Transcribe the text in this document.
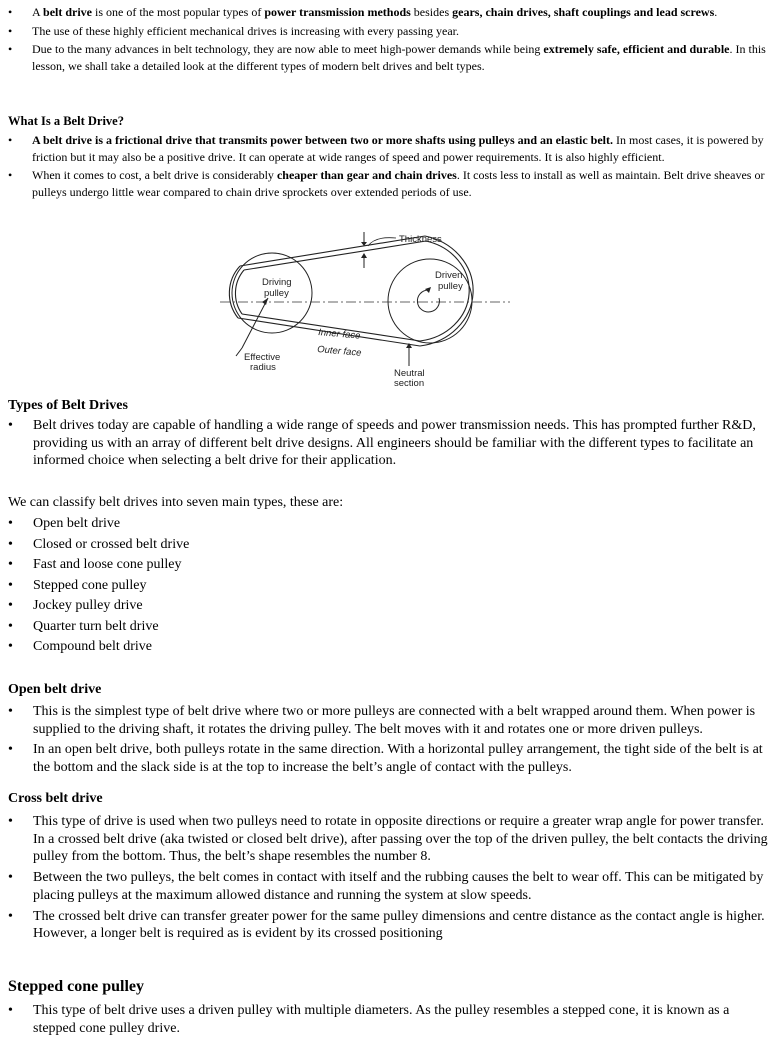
• A belt drive is one of the most popular types of power transmission methods besides gears, chain drives, shaft couplings and lead screws.
• The use of these highly efficient mechanical drives is increasing with every passing year.
• Due to the many advances in belt technology, they are now able to meet high-power demands while being extremely safe, efficient and durable. In this lesson, we shall take a detailed look at the different types of modern belt drives and belt types.
What Is a Belt Drive?
• A belt drive is a frictional drive that transmits power between two or more shafts using pulleys and an elastic belt. In most cases, it is powered by friction but it may also be a positive drive. It can operate at wide ranges of speed and power requirements. It is also highly efficient.
• When it comes to cost, a belt drive is considerably cheaper than gear and chain drives. It costs less to install as well as maintain. Belt drive sheaves or pulleys undergo little wear compared to chain drive sprockets over extended periods of use.
Thickness
Driving
pulley
Driven
pulley
Inner face
Outer face
Effective
radius
Neutral
section
Types of Belt Drives
• Belt drives today are capable of handling a wide range of speeds and power transmission needs. This has prompted further R&D, providing us with an array of different belt drive designs. All engineers should be familiar with the different types to facilitate an informed choice when selecting a belt drive for their application.
We can classify belt drives into seven main types, these are:
• Open belt drive
• Closed or crossed belt drive
• Fast and loose cone pulley
• Stepped cone pulley
• Jockey pulley drive
• Quarter turn belt drive
• Compound belt drive
Open belt drive
• This is the simplest type of belt drive where two or more pulleys are connected with a belt wrapped around them. When power is supplied to the driving shaft, it rotates the driving pulley. The belt moves with it and rotates one or more driven pulleys.
• In an open belt drive, both pulleys rotate in the same direction. With a horizontal pulley arrangement, the tight side of the belt is at the bottom and the slack side is at the top to increase the belt’s angle of contact with the pulleys.
Cross belt drive
• This type of drive is used when two pulleys need to rotate in opposite directions or require a greater wrap angle for power transfer. In a crossed belt drive (aka twisted or closed belt drive), after passing over the top of the driven pulley, the belt contacts the driving pulley from the bottom. Thus, the belt’s shape resembles the number 8.
• Between the two pulleys, the belt comes in contact with itself and the rubbing causes the belt to wear off. This can be mitigated by placing pulleys at the maximum allowed distance and running the system at slow speeds.
• The crossed belt drive can transfer greater power for the same pulley dimensions and centre distance as the contact angle is higher. However, a longer belt is required as is evident by its crossed positioning
Stepped cone pulley
• This type of belt drive uses a driven pulley with multiple diameters. As the pulley resembles a stepped cone, it is known as a stepped cone pulley drive.
